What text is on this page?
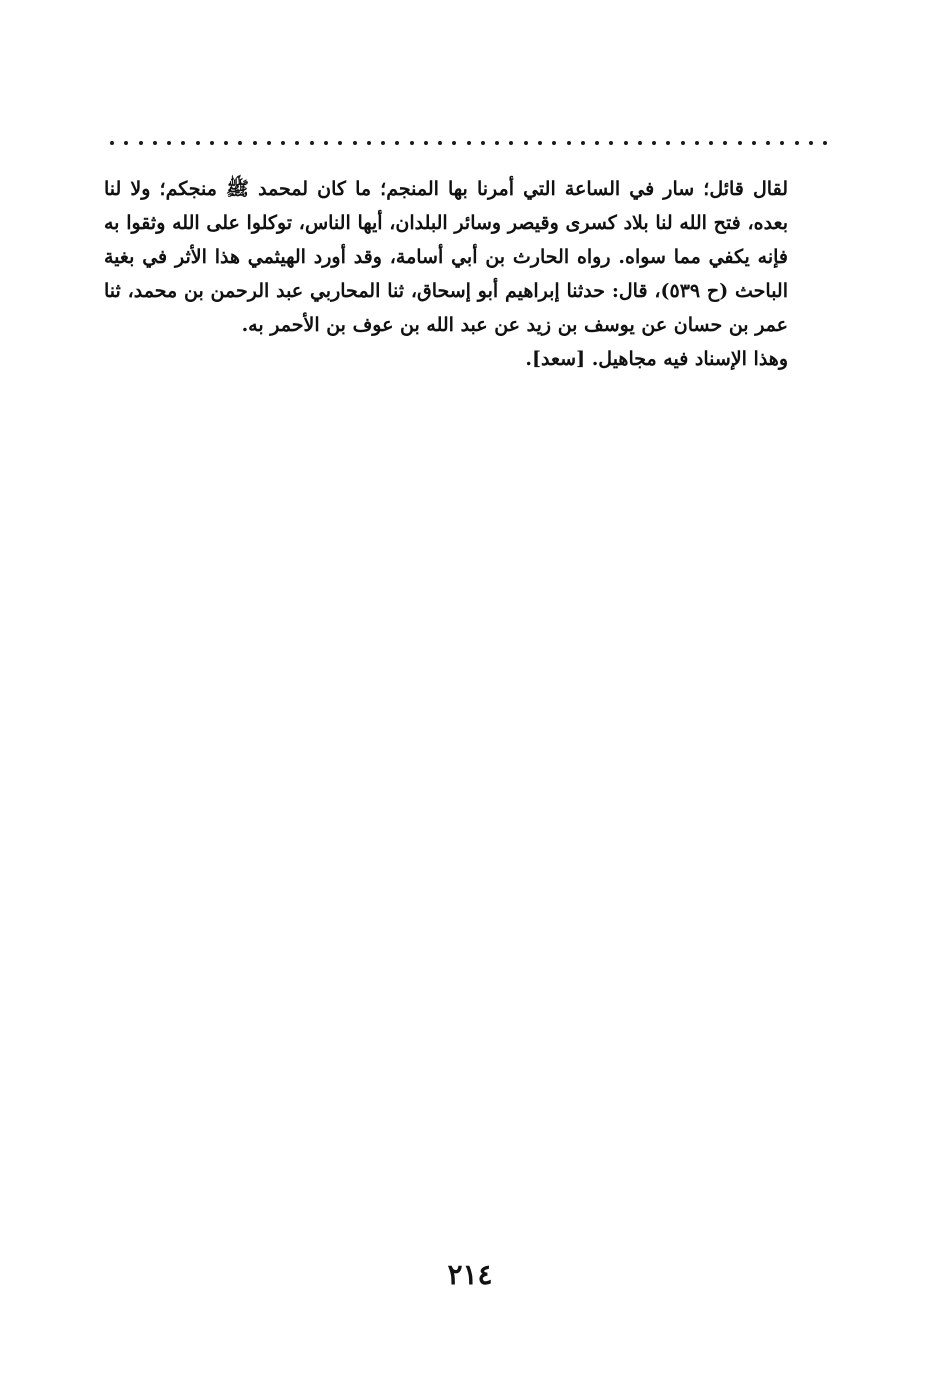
لقال قائل؛ سار في الساعة التي أمرنا بها المنجم؛ ما كان لمحمد ﷺ منجكم؛ ولا لنا بعده، فتح الله لنا بلاد كسرى وقيصر وسائر البلدان، أيها الناس، توكلوا على الله وثقوا به فإنه يكفي مما سواه. رواه الحارث بن أبي أسامة، وقد أورد الهيثمي هذا الأثر في بغية الباحث (ح ٥٣٩)، قال: حدثنا إبراهيم أبو إسحاق، ثنا المحاربي عبد الرحمن بن محمد، ثنا عمر بن حسان عن يوسف بن زيد عن عبد الله بن عوف بن الأحمر به.

وهذا الإسناد فيه مجاهيل. [سعد].

٢١٤
